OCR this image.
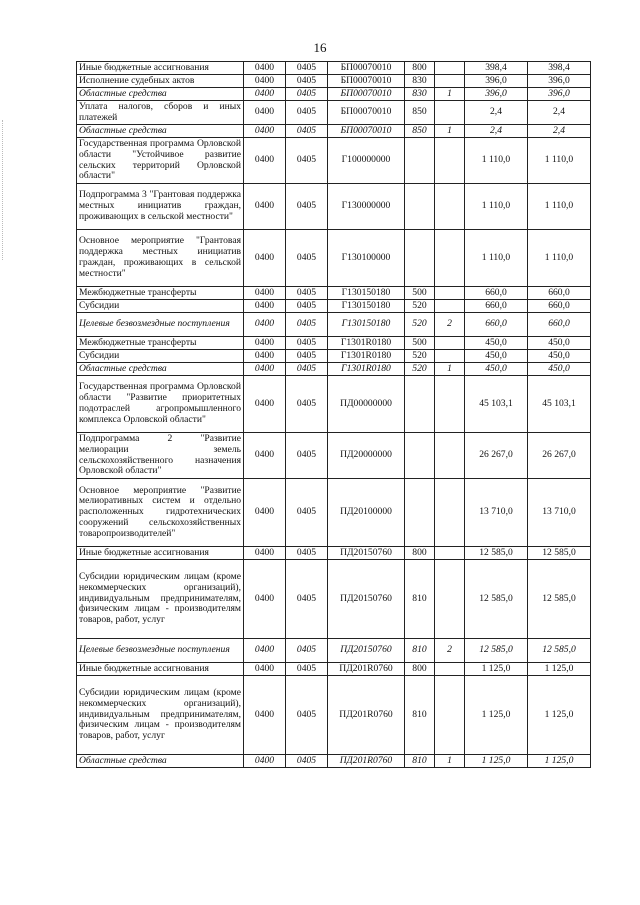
16
Иные бюджетные ассигнования	0400	0405	БП00070010	800		398,4	398,4
Исполнение судебных актов	0400	0405	БП00070010	830		396,0	396,0
Областные средства	0400	0405	БП00070010	830	1	396,0	396,0
Уплата налогов, сборов и иных платежей	0400	0405	БП00070010	850		2,4	2,4
Областные средства	0400	0405	БП00070010	850	1	2,4	2,4
Государственная программа Орловской области "Устойчивое развитие сельских территорий Орловской области"	0400	0405	Г100000000			1 110,0	1 110,0
Подпрограмма 3 "Грантовая поддержка местных инициатив граждан, проживающих в сельской местности"	0400	0405	Г130000000			1 110,0	1 110,0
Основное мероприятие "Грантовая поддержка местных инициатив граждан, проживающих в сельской местности"	0400	0405	Г130100000			1 110,0	1 110,0
Межбюджетные трансферты	0400	0405	Г130150180	500		660,0	660,0
Субсидии	0400	0405	Г130150180	520		660,0	660,0
Целевые безвозмездные поступления	0400	0405	Г130150180	520	2	660,0	660,0
Межбюджетные трансферты	0400	0405	Г1301R0180	500		450,0	450,0
Субсидии	0400	0405	Г1301R0180	520		450,0	450,0
Областные средства	0400	0405	Г1301R0180	520	1	450,0	450,0
Государственная программа Орловской области "Развитие приоритетных подотраслей агропромышленного комплекса Орловской области"	0400	0405	ПД00000000			45 103,1	45 103,1
Подпрограмма 2 "Развитие мелиорации земель сельскохозяйственного назначения Орловской области"	0400	0405	ПД20000000			26 267,0	26 267,0
Основное мероприятие "Развитие мелиоративных систем и отдельно расположенных гидротехнических сооружений сельскохозяйственных товаропроизводителей"	0400	0405	ПД20100000			13 710,0	13 710,0
Иные бюджетные ассигнования	0400	0405	ПД20150760	800		12 585,0	12 585,0
Субсидии юридическим лицам (кроме некоммерческих организаций), индивидуальным предпринимателям, физическим лицам - производителям товаров, работ, услуг	0400	0405	ПД20150760	810		12 585,0	12 585,0
Целевые безвозмездные поступления	0400	0405	ПД20150760	810	2	12 585,0	12 585,0
Иные бюджетные ассигнования	0400	0405	ПД201R0760	800		1 125,0	1 125,0
Субсидии юридическим лицам (кроме некоммерческих организаций), индивидуальным предпринимателям, физическим лицам - производителям товаров, работ, услуг	0400	0405	ПД201R0760	810		1 125,0	1 125,0
Областные средства	0400	0405	ПД201R0760	810	1	1 125,0	1 125,0
